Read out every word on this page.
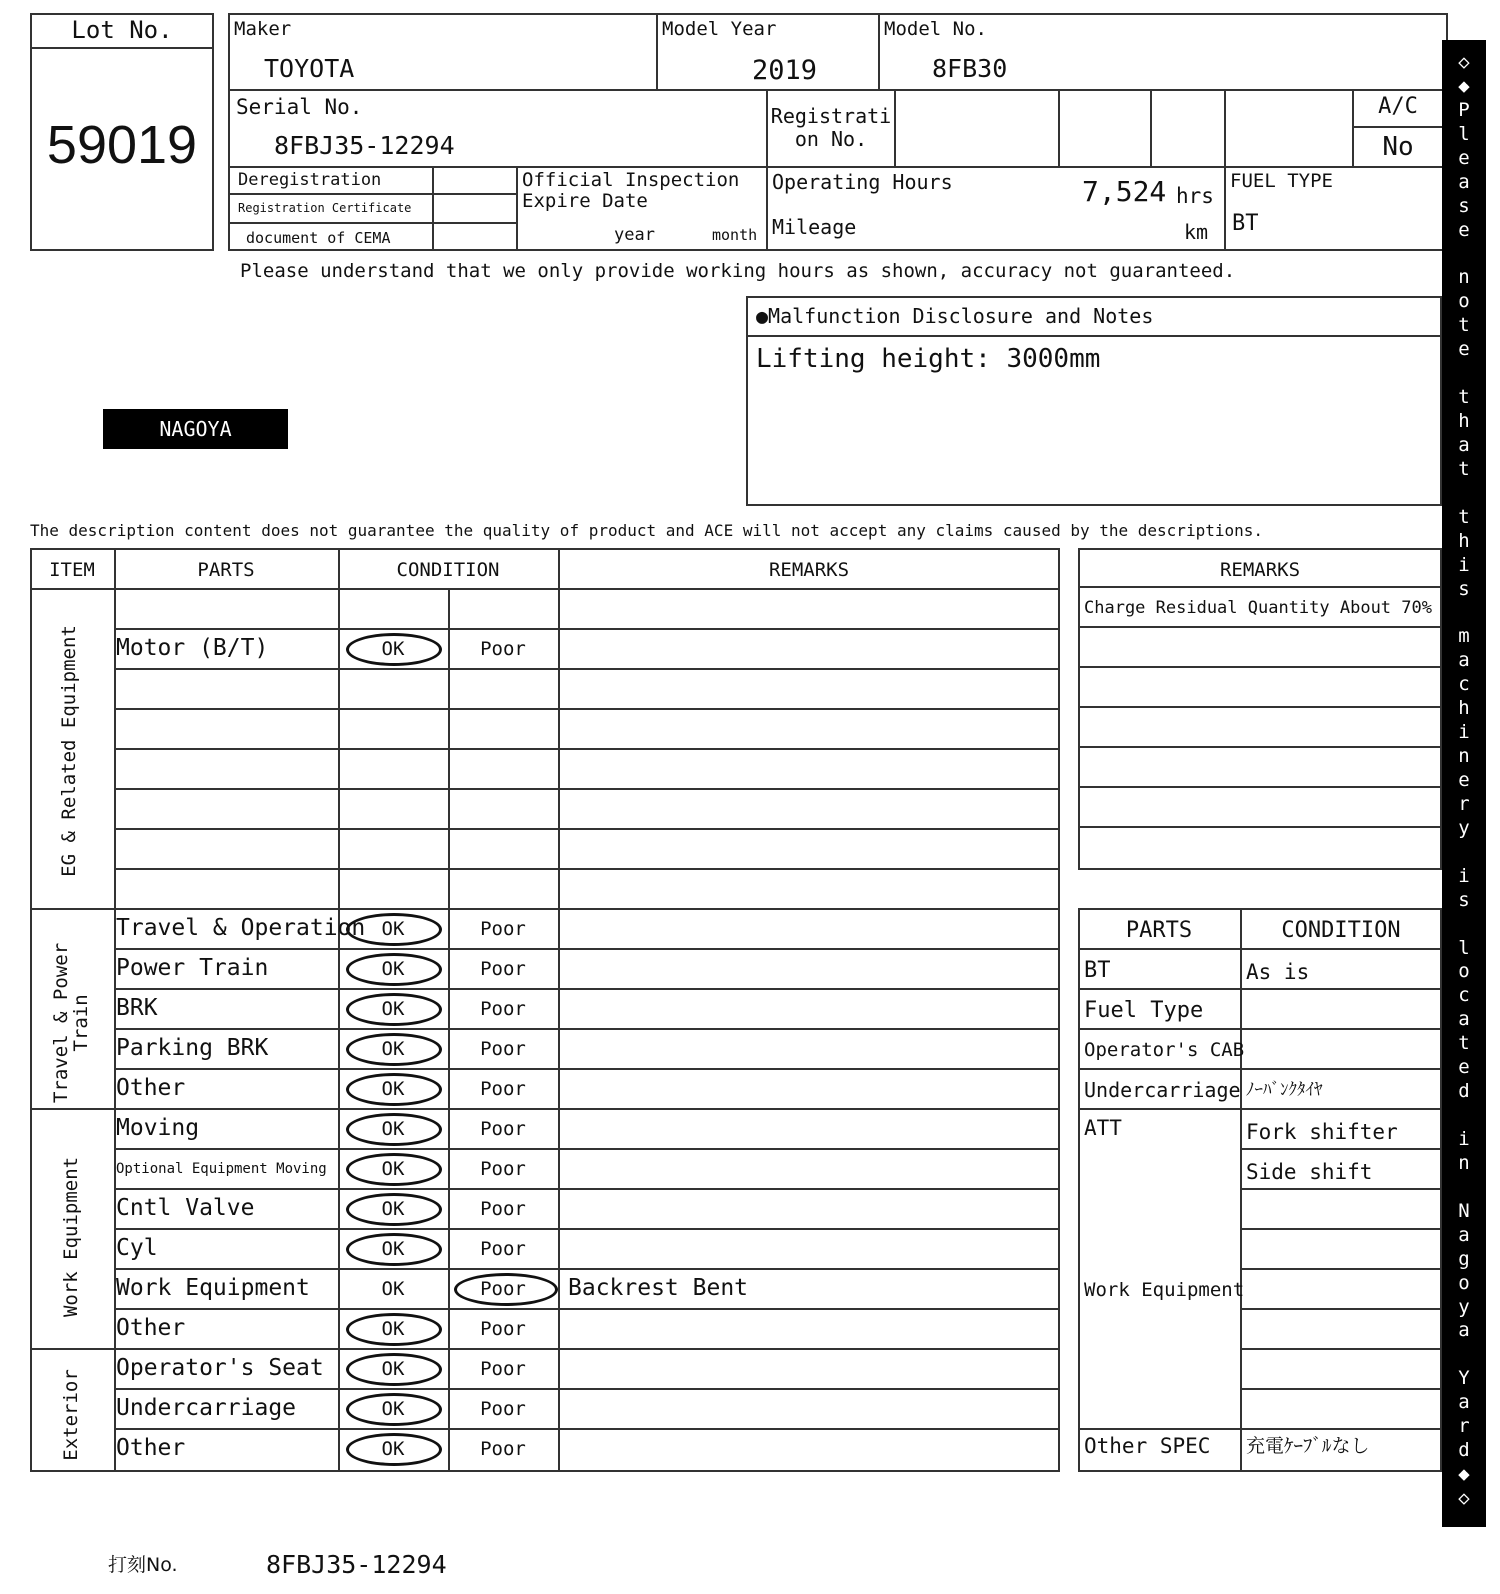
Lot No.
59019
Maker
TOYOTA
Model Year
2019
Model No.
8FB30
Serial No.
8FBJ35-12294
Registrati
on No.
A/C
No
Deregistration
Registration Certificate
document of CEMA
Official Inspection
Expire Date
year	month
Operating Hours	7,524 hrs
Mileage	km
FUEL TYPE
BT
Please understand that we only provide working hours as shown, accuracy not guaranteed.
●Malfunction Disclosure and Notes
Lifting height: 3000mm
NAGOYA
The description content does not guarantee the quality of product and ACE will not accept any claims caused by the descriptions.
ITEM	PARTS	CONDITION	REMARKS
EG & Related Equipment
Travel & Power
Train
Work Equipment
Exterior
Motor (B/T)	OK	Poor
Travel & Operation OK	Poor
Power Train	OK	Poor
BRK	OK	Poor
Parking BRK	OK	Poor
Other	OK	Poor
Moving	OK	Poor
Optional Equipment Moving	OK	Poor
Cntl Valve	OK	Poor
Cyl	OK	Poor
Work Equipment	OK	Poor	Backrest Bent
Other	OK	Poor
Operator's Seat	OK	Poor
Undercarriage	OK	Poor
Other	OK	Poor
REMARKS
Charge Residual Quantity About 70%
PARTS	CONDITION
BT	As is
Fuel Type
Operator's CAB
Undercarriage ﾉｰﾊﾞﾝｸﾀｲﾔ
ATT	Fork shifter
Side shift
Work Equipment
Other SPEC 充電ｹｰﾌﾞﾙなし
◇
◆
P
l
e
a
s
e
n
o
t
e
t
h
a
t
t
h
i
s
m
a
c
h
i
n
e
r
y
i
s
l
o
c
a
t
e
d
i
n
N
a
g
o
y
a
Y
a
r
d
◆
◇
打刻No.	8FBJ35-12294
